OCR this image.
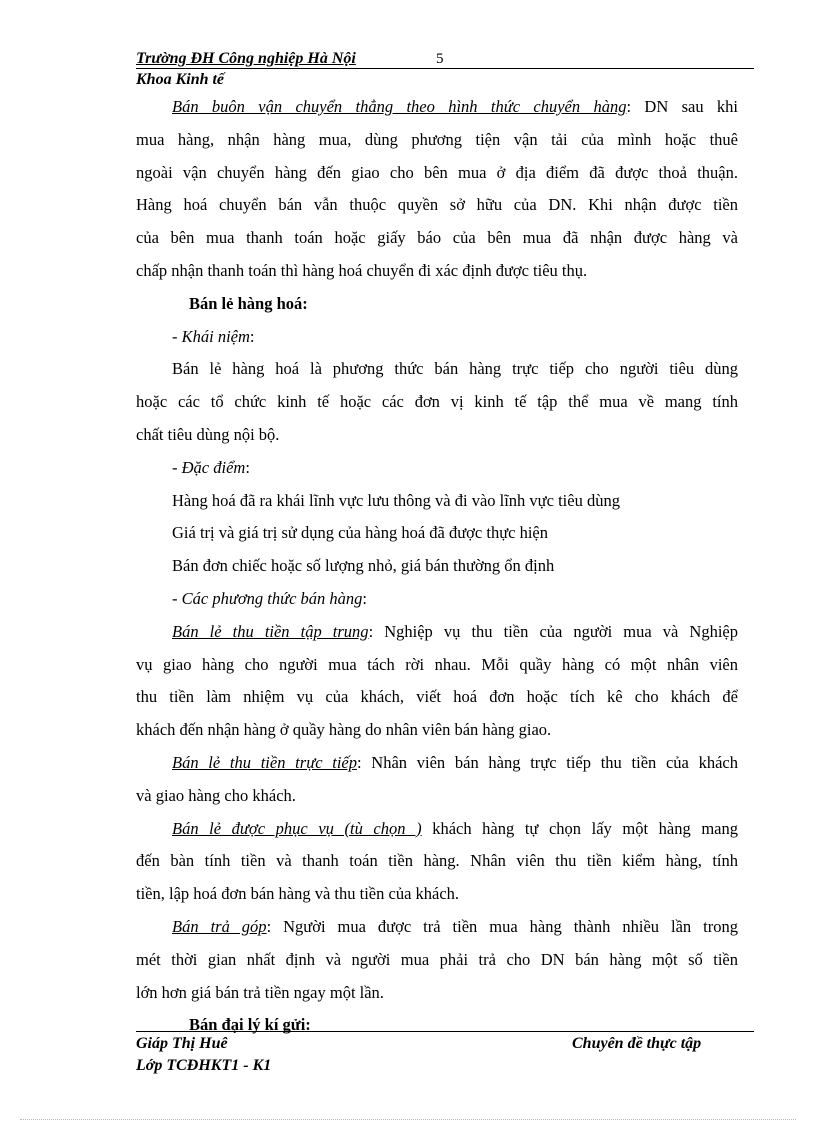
Trường ĐH Công nghiệp Hà Nội	5
Khoa Kinh tế
Bán buôn vận chuyển thẳng theo hình thức chuyển hàng: DN sau khi
mua hàng, nhận hàng mua, dùng phương tiện vận tải của mình hoặc thuê
ngoài vận chuyển hàng đến giao cho bên mua ở địa điểm đã được thoả thuận.
Hàng hoá chuyển bán vẫn thuộc quyền sở hữu của DN. Khi nhận được tiền
của bên mua thanh toán hoặc giấy báo của bên mua đã nhận được hàng và
chấp nhận thanh toán thì hàng hoá chuyển đi xác định được tiêu thụ.
Bán lẻ hàng hoá:
- Khái niệm:
Bán lẻ hàng hoá là phương thức bán hàng trực tiếp cho người tiêu dùng
hoặc các tổ chức kinh tế hoặc các đơn vị kinh tế tập thể mua về mang tính
chất tiêu dùng nội bộ.
- Đặc điểm:
Hàng hoá đã ra khái lĩnh vực lưu thông và đi vào lĩnh vực tiêu dùng
Giá trị và giá trị sử dụng của hàng hoá đã được thực hiện
Bán đơn chiếc hoặc số lượng nhỏ, giá bán thường ổn định
- Các phương thức bán hàng:
Bán lẻ thu tiền tập trung: Nghiệp vụ thu tiền của người mua và Nghiệp
vụ giao hàng cho người mua tách rời nhau. Mỗi quầy hàng có một nhân viên
thu tiền làm nhiệm vụ của khách, viết hoá đơn hoặc tích kê cho khách để
khách đến nhận hàng ở quầy hàng do nhân viên bán hàng giao.
Bán lẻ thu tiền trực tiếp: Nhân viên bán hàng trực tiếp thu tiền của khách
và giao hàng cho khách.
Bán lẻ được phục vụ (tù chọn ) khách hàng tự chọn lấy một hàng mang
đến bàn tính tiền và thanh toán tiền hàng. Nhân viên thu tiền kiểm hàng, tính
tiền, lập hoá đơn bán hàng và thu tiền của khách.
Bán trả góp: Người mua được trả tiền mua hàng thành nhiều lần trong
mét thời gian nhất định và người mua phải trả cho DN bán hàng một số tiền
lớn hơn giá bán trả tiền ngay một lần.
Bán đại lý kí gửi:
Giáp Thị Huê
Lớp TCĐHKT1 - K1
Chuyên đề thực tập
